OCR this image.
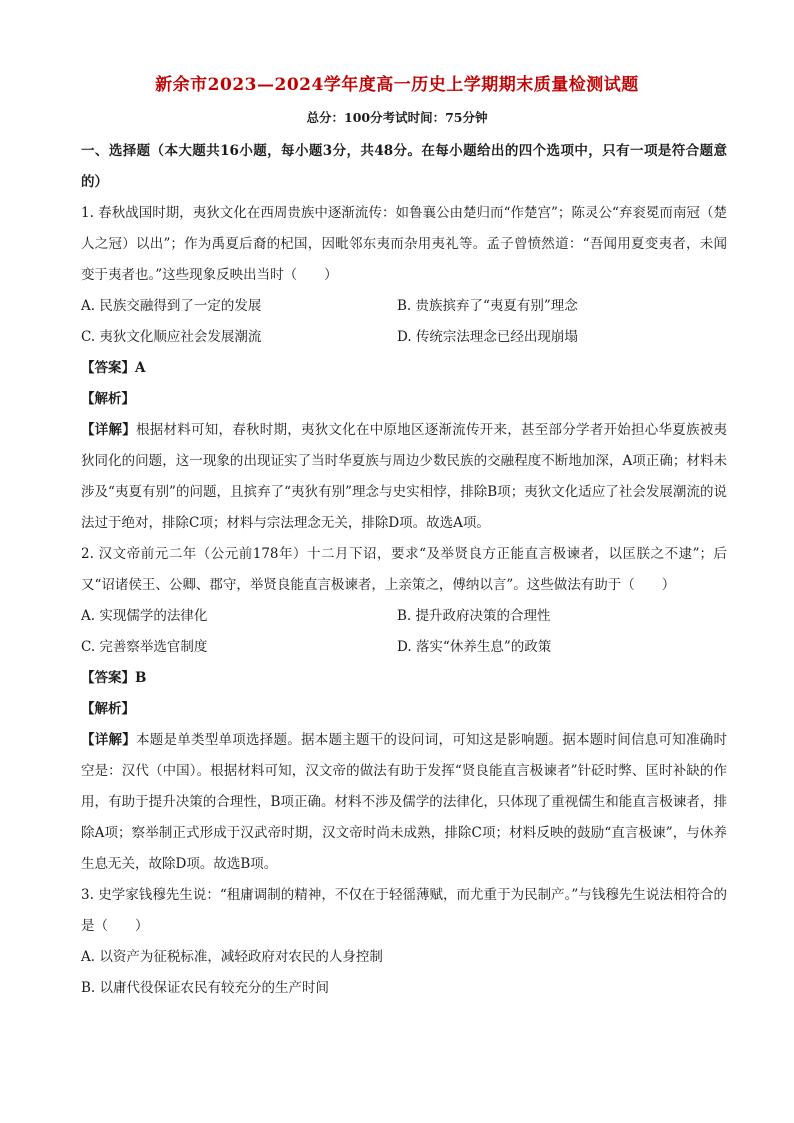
新余市2023—2024学年度高一历史上学期期末质量检测试题
总分：100分考试时间：75分钟

一、选择题（本大题共16小题，每小题3分，共48分。在每小题给出的四个选项中，只有一项是符合题意的）

1. 春秋战国时期，夷狄文化在西周贵族中逐渐流传：如鲁襄公由楚归而“作楚宫”；陈灵公“弃衮冕而南冠（楚人之冠）以出”；作为禹夏后裔的杞国，因毗邻东夷而杂用夷礼等。孟子曾愤然道：“吾闻用夏变夷者，未闻变于夷者也。”这些现象反映出当时（　　）

A. 民族交融得到了一定的发展	B. 贵族摈弃了“夷夏有别”理念

C. 夷狄文化顺应社会发展潮流	D. 传统宗法理念已经出现崩塌

【答案】A

【解析】

【详解】根据材料可知，春秋时期，夷狄文化在中原地区逐渐流传开来，甚至部分学者开始担心华夏族被夷狄同化的问题，这一现象的出现证实了当时华夏族与周边少数民族的交融程度不断地加深，A项正确；材料未涉及“夷夏有别”的问题，且摈弃了“夷狄有别”理念与史实相悖，排除B项；夷狄文化适应了社会发展潮流的说法过于绝对，排除C项；材料与宗法理念无关，排除D项。故选A项。

2. 汉文帝前元二年（公元前178年）十二月下诏，要求“及举贤良方正能直言极谏者，以匡朕之不逮”；后又“诏诸侯王、公卿、郡守，举贤良能直言极谏者，上亲策之，傅纳以言”。这些做法有助于（　　）

A. 实现儒学的法律化	B. 提升政府决策的合理性

C. 完善察举选官制度	D. 落实“休养生息”的政策

【答案】B

【解析】

【详解】本题是单类型单项选择题。据本题主题干的设问词，可知这是影响题。据本题时间信息可知准确时空是：汉代（中国）。根据材料可知，汉文帝的做法有助于发挥“贤良能直言极谏者”针砭时弊、匡时补缺的作用，有助于提升决策的合理性，B项正确。材料不涉及儒学的法律化，只体现了重视儒生和能直言极谏者，排除A项；察举制正式形成于汉武帝时期，汉文帝时尚未成熟，排除C项；材料反映的鼓励“直言极谏”，与休养生息无关，故除D项。故选B项。

3. 史学家钱穆先生说：“租庸调制的精神，不仅在于轻徭薄赋，而尤重于为民制产。”与钱穆先生说法相符合的是（　　）

A. 以资产为征税标准，减轻政府对农民的人身控制

B. 以庸代役保证农民有较充分的生产时间
